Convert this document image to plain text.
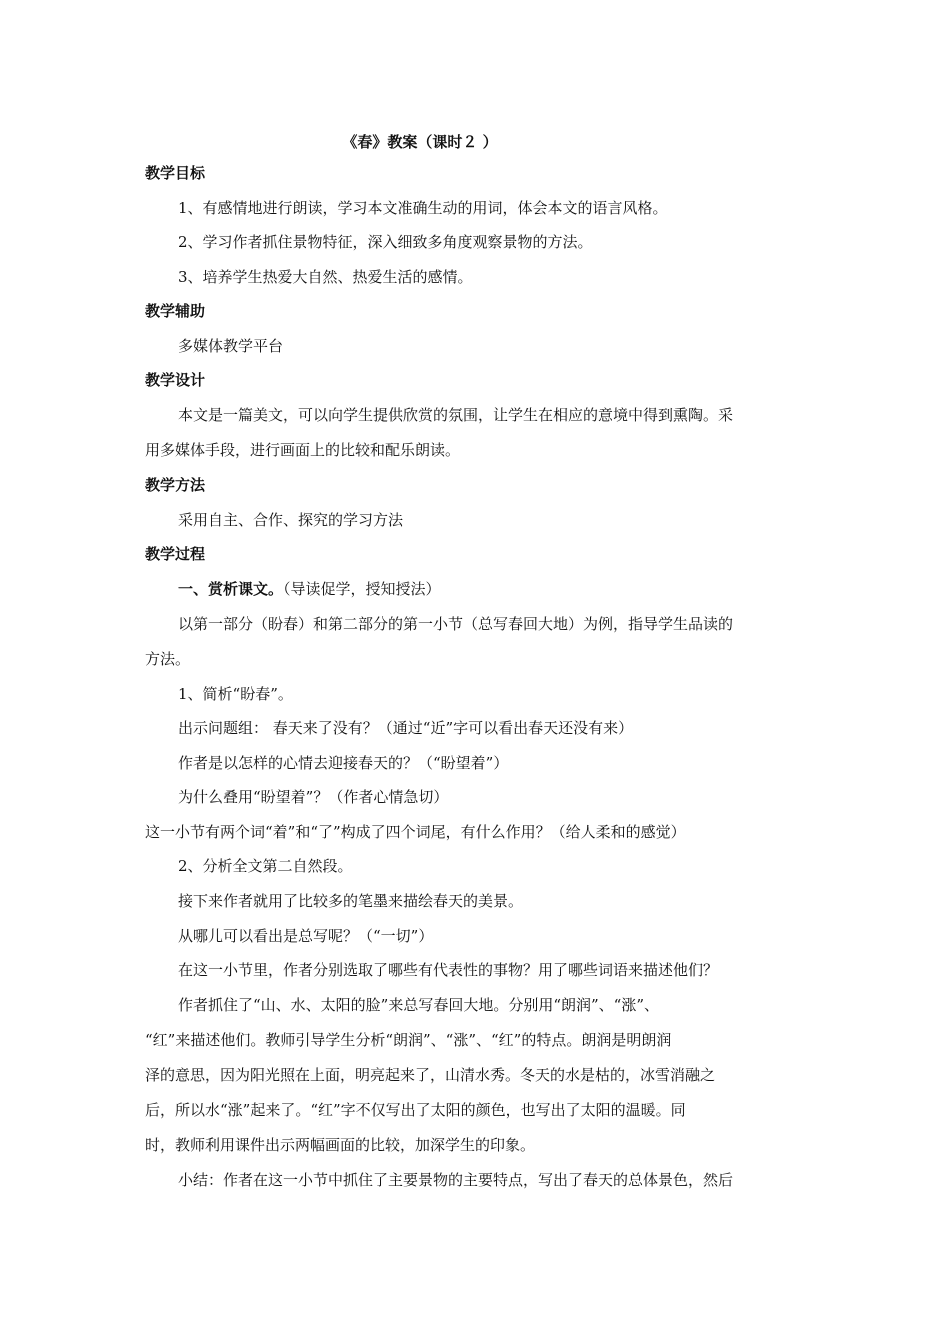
《春》教案（课时２ ）
教学目标
1、有感情地进行朗读，学习本文准确生动的用词，体会本文的语言风格。
2、学习作者抓住景物特征，深入细致多角度观察景物的方法。
3、培养学生热爱大自然、热爱生活的感情。
教学辅助
多媒体教学平台
教学设计
本文是一篇美文，可以向学生提供欣赏的氛围，让学生在相应的意境中得到熏陶。采
用多媒体手段，进行画面上的比较和配乐朗读。
教学方法
采用自主、合作、探究的学习方法
教学过程
一、赏析课文。（导读促学，授知授法）
以第一部分（盼春）和第二部分的第一小节（总写春回大地）为例，指导学生品读的
方法。
1、简析“盼春”。
出示问题组： 春天来了没有？（通过“近”字可以看出春天还没有来）
作者是以怎样的心情去迎接春天的？（“盼望着”）
为什么叠用“盼望着”？（作者心情急切）
这一小节有两个词“着”和“了”构成了四个词尾，有什么作用？（给人柔和的感觉）
2、分析全文第二自然段。
接下来作者就用了比较多的笔墨来描绘春天的美景。
从哪儿可以看出是总写呢？（“一切”）
在这一小节里，作者分别选取了哪些有代表性的事物？用了哪些词语来描述他们？
作者抓住了“山、水、太阳的脸”来总写春回大地。分别用“朗润”、“涨”、
“红”来描述他们。教师引导学生分析“朗润”、“涨”、“红”的特点。朗润是明朗润
泽的意思，因为阳光照在上面，明亮起来了，山清水秀。冬天的水是枯的，冰雪消融之
后，所以水“涨”起来了。“红”字不仅写出了太阳的颜色，也写出了太阳的温暖。同
时，教师利用课件出示两幅画面的比较，加深学生的印象。
小结：作者在这一小节中抓住了主要景物的主要特点，写出了春天的总体景色，然后
